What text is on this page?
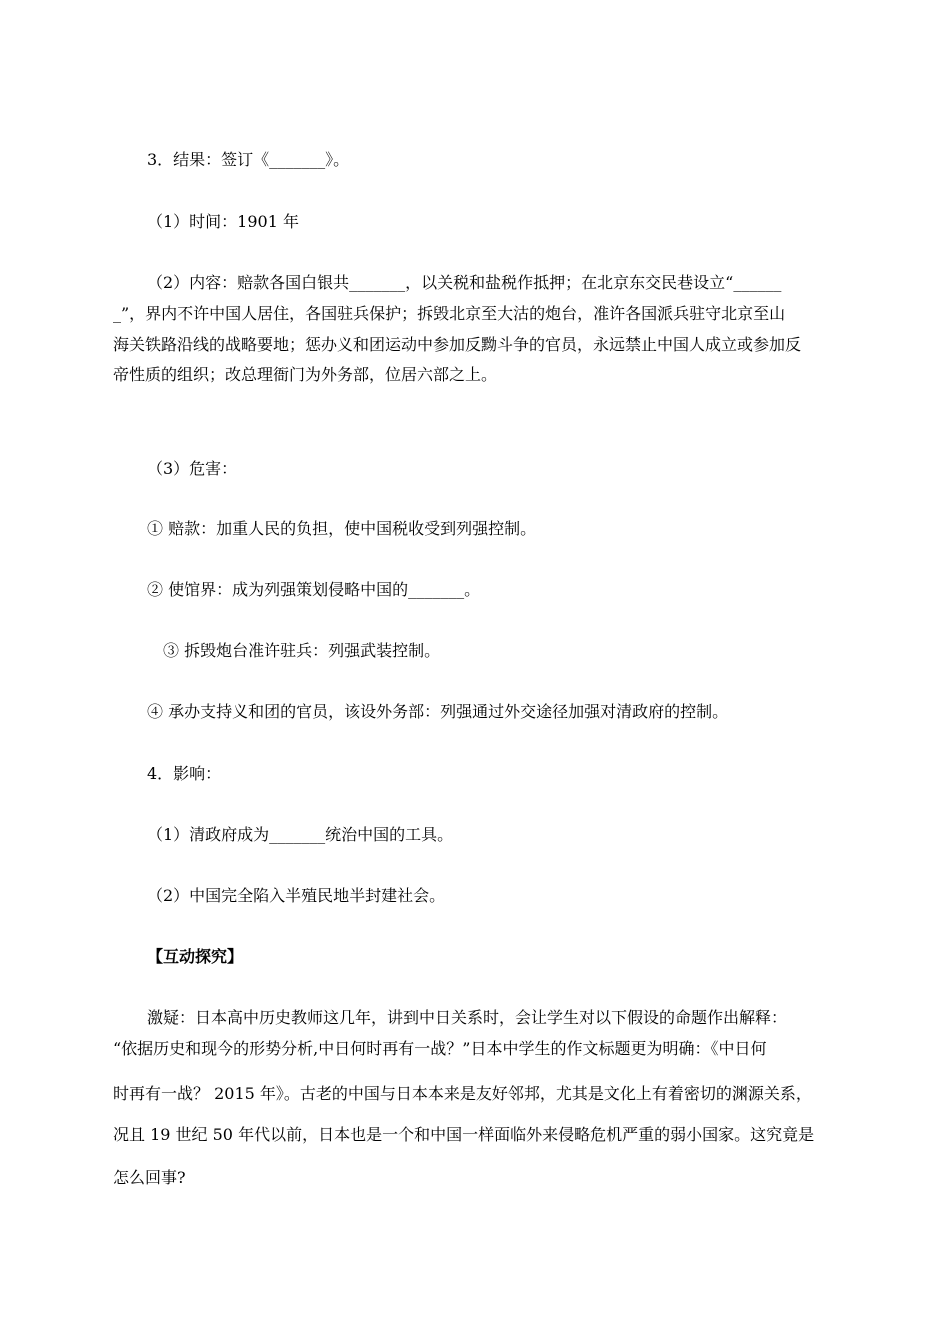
3．结果：签订《_______》。
（1）时间：1901 年
（2）内容：赔款各国白银共_______，以关税和盐税作抵押；在北京东交民巷设立“______
_”，界内不许中国人居住，各国驻兵保护；拆毁北京至大沽的炮台，准许各国派兵驻守北京至山
海关铁路沿线的战略要地；惩办义和团运动中参加反黝斗争的官员，永远禁止中国人成立或参加反
帝性质的组织；改总理衙门为外务部，位居六部之上。
（3）危害：
① 赔款：加重人民的负担，使中国税收受到列强控制。
② 使馆界：成为列强策划侵略中国的_______。
③ 拆毁炮台准许驻兵：列强武装控制。
④ 承办支持义和团的官员，该设外务部：列强通过外交途径加强对清政府的控制。
4．影响：
（1）清政府成为_______统治中国的工具。
（2）中国完全陷入半殖民地半封建社会。
【互动探究】
激疑：日本高中历史教师这几年，讲到中日关系时，会让学生对以下假设的命题作出解释：
“依据历史和现今的形势分析,中日何时再有一战？”日本中学生的作文标题更为明确：《中日何
时再有一战？ 2015 年》。古老的中国与日本本来是友好邻邦，尤其是文化上有着密切的渊源关系，
况且 19 世纪 50 年代以前，日本也是一个和中国一样面临外来侵略危机严重的弱小国家。这究竟是
怎么回事?
